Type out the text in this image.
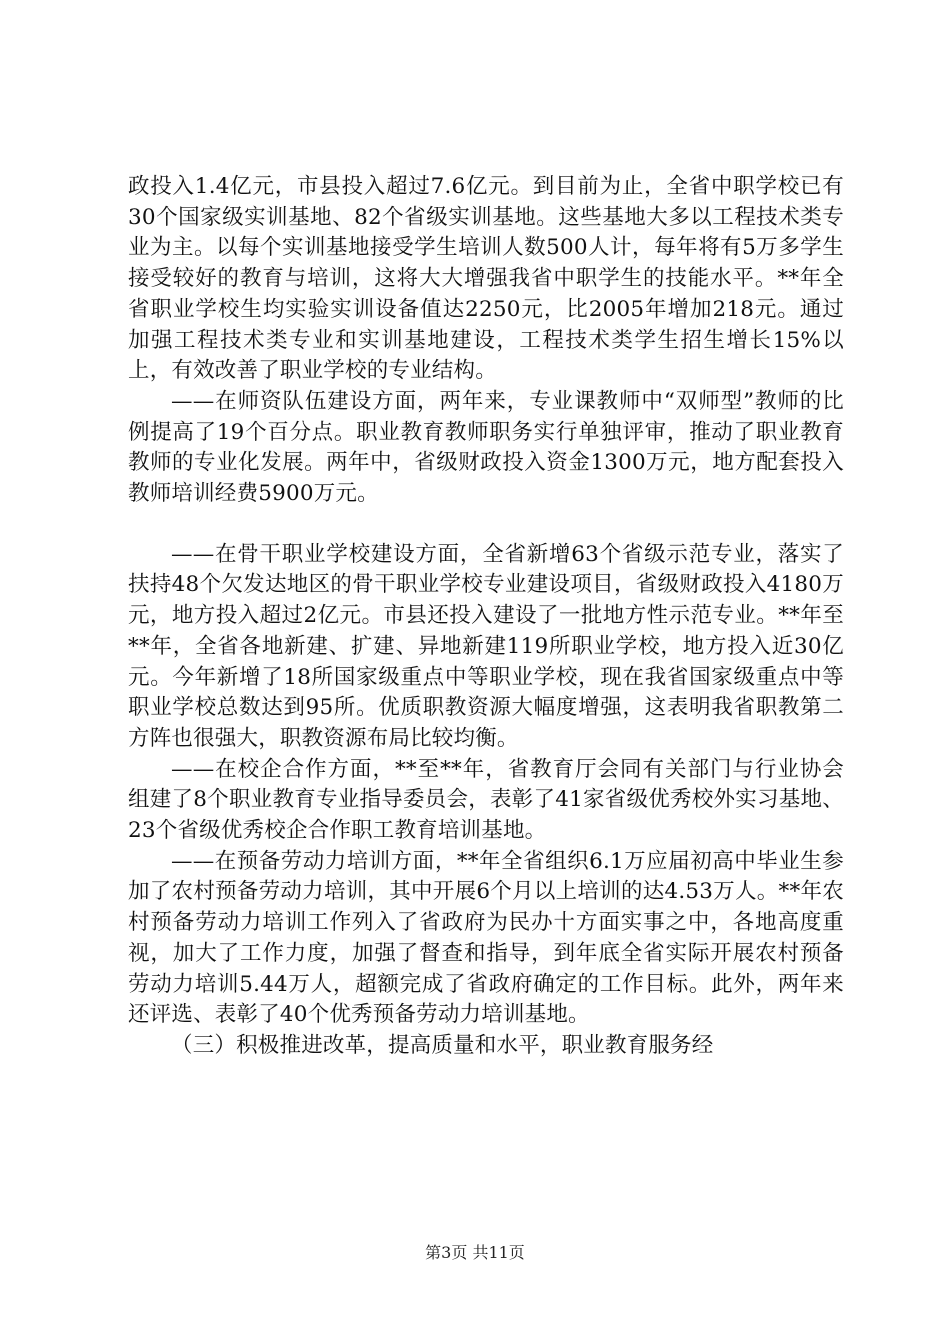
政投入1.4亿元，市县投入超过7.6亿元。到目前为止，全省中职学校已有30个国家级实训基地、82个省级实训基地。这些基地大多以工程技术类专业为主。以每个实训基地接受学生培训人数500人计，每年将有5万多学生接受较好的教育与培训，这将大大增强我省中职学生的技能水平。**年全省职业学校生均实验实训设备值达2250元，比2005年增加218元。通过加强工程技术类专业和实训基地建设，工程技术类学生招生增长15%以上，有效改善了职业学校的专业结构。

——在师资队伍建设方面，两年来，专业课教师中“双师型”教师的比例提高了19个百分点。职业教育教师职务实行单独评审，推动了职业教育教师的专业化发展。两年中，省级财政投入资金1300万元，地方配套投入教师培训经费5900万元。

——在骨干职业学校建设方面，全省新增63个省级示范专业，落实了扶持48个欠发达地区的骨干职业学校专业建设项目，省级财政投入4180万元，地方投入超过2亿元。市县还投入建设了一批地方性示范专业。**年至**年，全省各地新建、扩建、异地新建119所职业学校，地方投入近30亿元。今年新增了18所国家级重点中等职业学校，现在我省国家级重点中等职业学校总数达到95所。优质职教资源大幅度增强，这表明我省职教第二方阵也很强大，职教资源布局比较均衡。

——在校企合作方面，**至**年，省教育厅会同有关部门与行业协会组建了8个职业教育专业指导委员会，表彰了41家省级优秀校外实习基地、23个省级优秀校企合作职工教育培训基地。

——在预备劳动力培训方面，**年全省组织6.1万应届初高中毕业生参加了农村预备劳动力培训，其中开展6个月以上培训的达4.53万人。**年农村预备劳动力培训工作列入了省政府为民办十方面实事之中，各地高度重视，加大了工作力度，加强了督查和指导，到年底全省实际开展农村预备劳动力培训5.44万人，超额完成了省政府确定的工作目标。此外，两年来还评选、表彰了40个优秀预备劳动力培训基地。

（三）积极推进改革，提高质量和水平，职业教育服务经

第3页 共11页
